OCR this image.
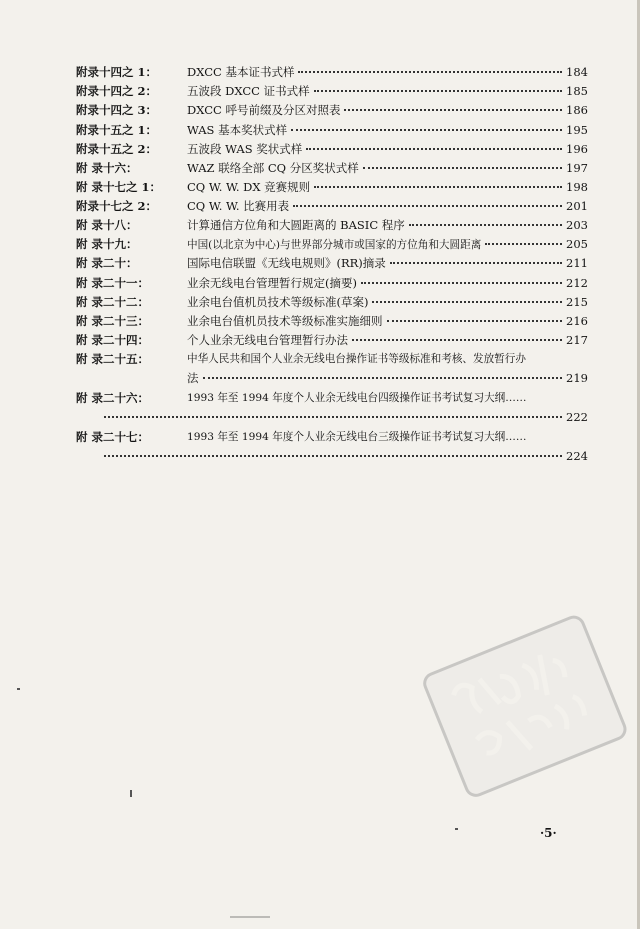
附录十四之 1：	DXCC 基本证书式样	184
附录十四之 2：	五波段 DXCC 证书式样	185
附录十四之 3：	DXCC 呼号前缀及分区对照表	186
附录十五之 1：	WAS 基本奖状式样	195
附录十五之 2：	五波段 WAS 奖状式样	196
附 录十六：	WAZ 联络全部 CQ 分区奖状式样	197
附 录十七之 1：	CQ W. W. DX 竞赛规则	198
附录十七之 2：	CQ W. W. 比赛用表	201
附 录十八：	计算通信方位角和大圆距离的 BASIC 程序	203
附 录十九：	中国(以北京为中心)与世界部分城市或国家的方位角和大圆距离	205
附 录二十：	国际电信联盟《无线电规则》(RR)摘录	211
附 录二十一：	业余无线电台管理暂行规定(摘要)	212
附 录二十二：	业余电台值机员技术等级标准(草案)	215
附 录二十三：	业余电台值机员技术等级标准实施细则	216
附 录二十四：	个人业余无线电台管理暂行办法	217
附 录二十五：	中华人民共和国个人业余无线电台操作证书等级标准和考核、发放暂行办
法	219
附 录二十六：	1993 年至 1994 年度个人业余无线电台四级操作证书考试复习大纲……
222
附 录二十七：	1993 年至 1994 年度个人业余无线电台三级操作证书考试复习大纲……
224
PDG
·5·
